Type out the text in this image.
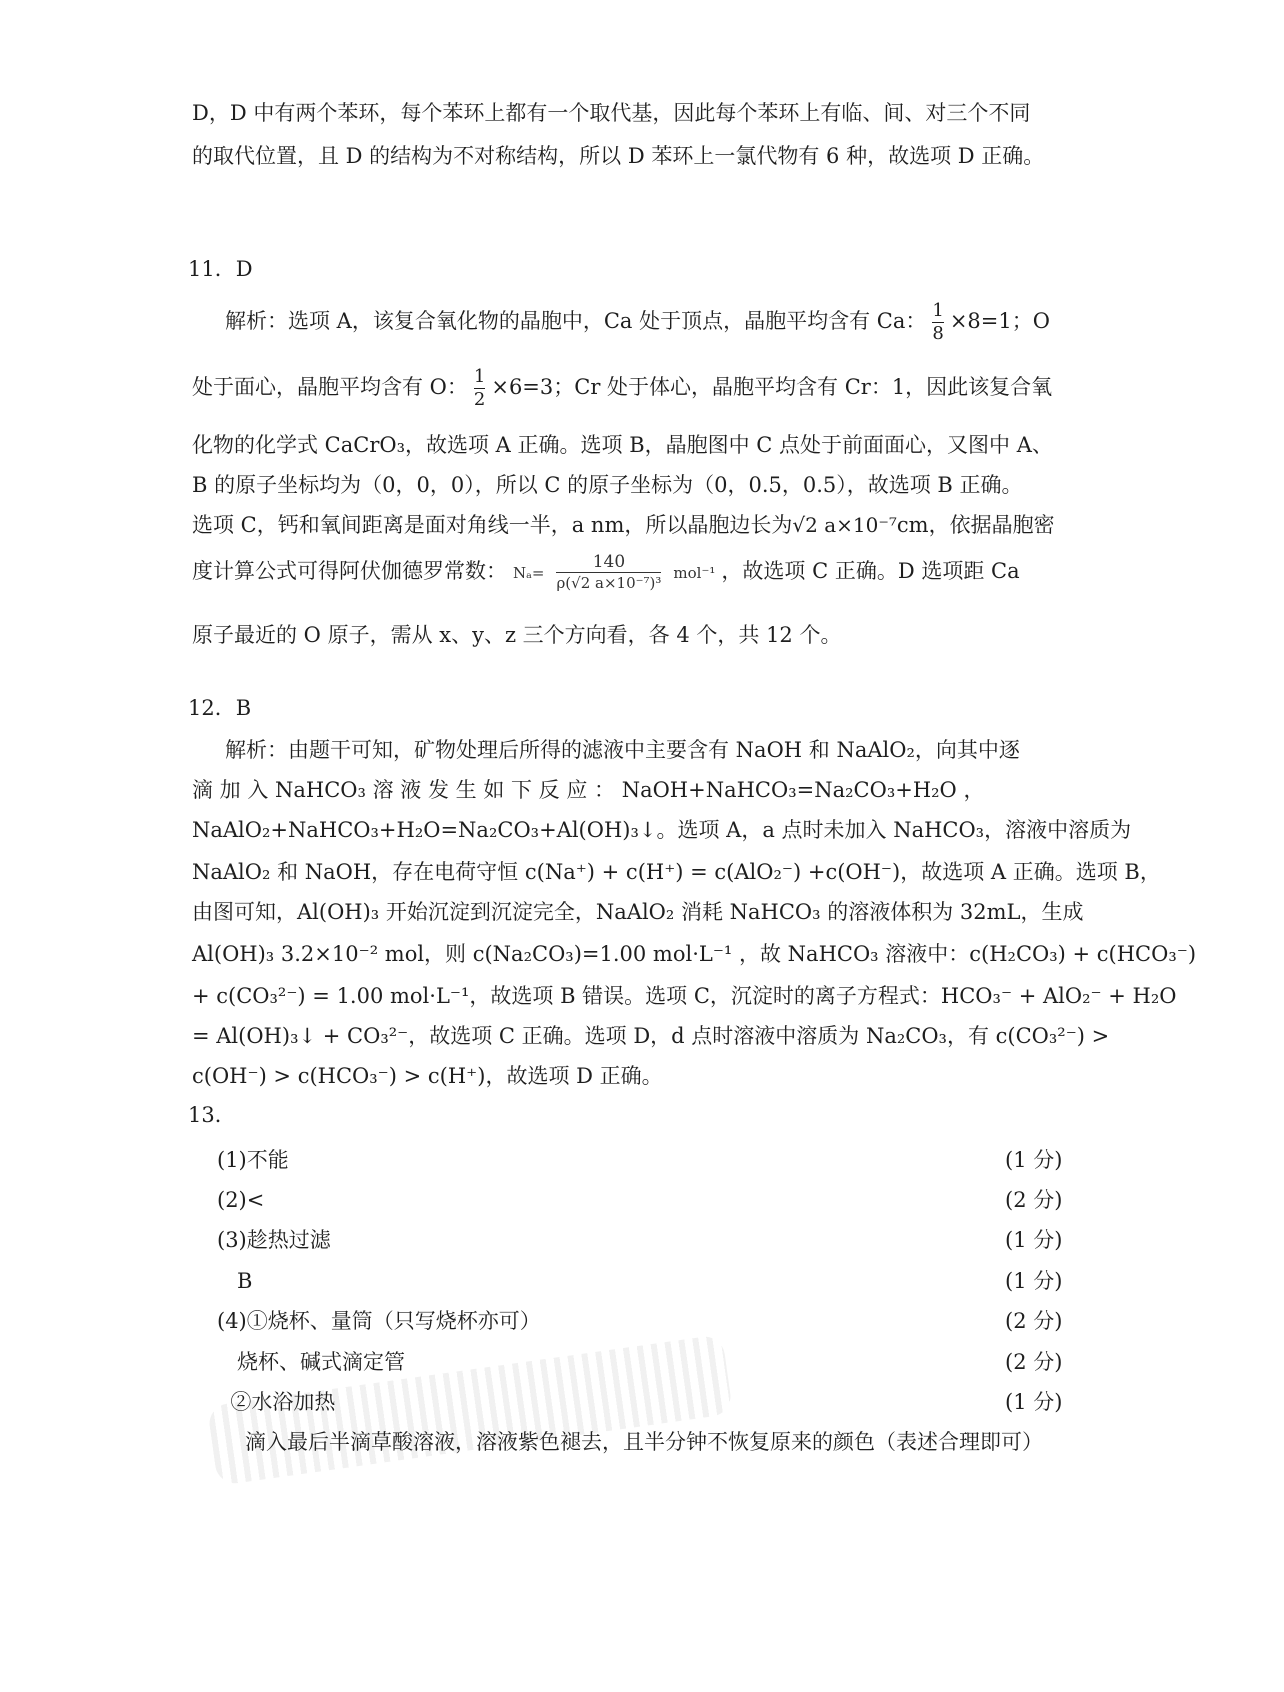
D，D 中有两个苯环，每个苯环上都有一个取代基，因此每个苯环上有临、间、对三个不同
的取代位置，且 D 的结构为不对称结构，所以 D 苯环上一氯代物有 6 种，故选项 D 正确。
11．D
解析：选项 A，该复合氧化物的晶胞中，Ca 处于顶点，晶胞平均含有 Ca： $\frac{1}{8} \times 8=1$；O
处于面心，晶胞平均含有 O： $\frac{1}{2} \times 6=3$；Cr 处于体心，晶胞平均含有 Cr：1，因此该复合氧
化物的化学式 CaCrO₃，故选项 A 正确。选项 B，晶胞图中 C 点处于前面面心，又图中 A、
B 的原子坐标均为（0，0，0），所以 C 的原子坐标为（0，0.5，0.5），故选项 B 正确。
选项 C，钙和氧间距离是面对角线一半，a nm，所以晶胞边长为√2 a×10⁻⁷cm，依据晶胞密
度计算公式可得阿伏伽德罗常数： $N_a= \frac{140}{\text{ρ(√2 a×10⁻⁷)³}} mol^{-1}$ ，故选项 C 正确。D 选项距 Ca
原子最近的 O 原子，需从 x、y、z 三个方向看，各 4 个，共 12 个。
12．B
解析：由题干可知，矿物处理后所得的滤液中主要含有 NaOH 和 NaAlO₂，向其中逐
滴 加 入 NaHCO₃ 溶 液 发 生 如 下 反 应 ： NaOH+NaHCO₃=Na₂CO₃+H₂O ，
NaAlO₂+NaHCO₃+H₂O=Na₂CO₃+Al(OH)₃↓。选项 A，a 点时未加入 NaHCO₃，溶液中溶质为
NaAlO₂ 和 NaOH，存在电荷守恒 c(Na⁺) + c(H⁺) = c(AlO₂⁻) +c(OH⁻)，故选项 A 正确。选项 B，
由图可知，Al(OH)₃ 开始沉淀到沉淀完全，NaAlO₂ 消耗 NaHCO₃ 的溶液体积为 32mL，生成
Al(OH)₃ 3.2×10⁻² mol，则 c(Na₂CO₃)=1.00 mol·L⁻¹ ，故 NaHCO₃ 溶液中：c(H₂CO₃) + c(HCO₃⁻)
+ c(CO₃²⁻) = 1.00 mol·L⁻¹，故选项 B 错误。选项 C，沉淀时的离子方程式：HCO₃⁻ + AlO₂⁻ + H₂O
= Al(OH)₃↓ + CO₃²⁻，故选项 C 正确。选项 D，d 点时溶液中溶质为 Na₂CO₃，有 c(CO₃²⁻) >
c(OH⁻) > c(HCO₃⁻) > c(H⁺)，故选项 D 正确。
13．
(1)不能	(1 分)
(2)<	(2 分)
(3)趁热过滤	(1 分)
B	(1 分)
(4)①烧杯、量筒（只写烧杯亦可）	(2 分)
烧杯、碱式滴定管	(2 分)
②水浴加热	(1 分)
滴入最后半滴草酸溶液，溶液紫色褪去，且半分钟不恢复原来的颜色（表述合理即可）
